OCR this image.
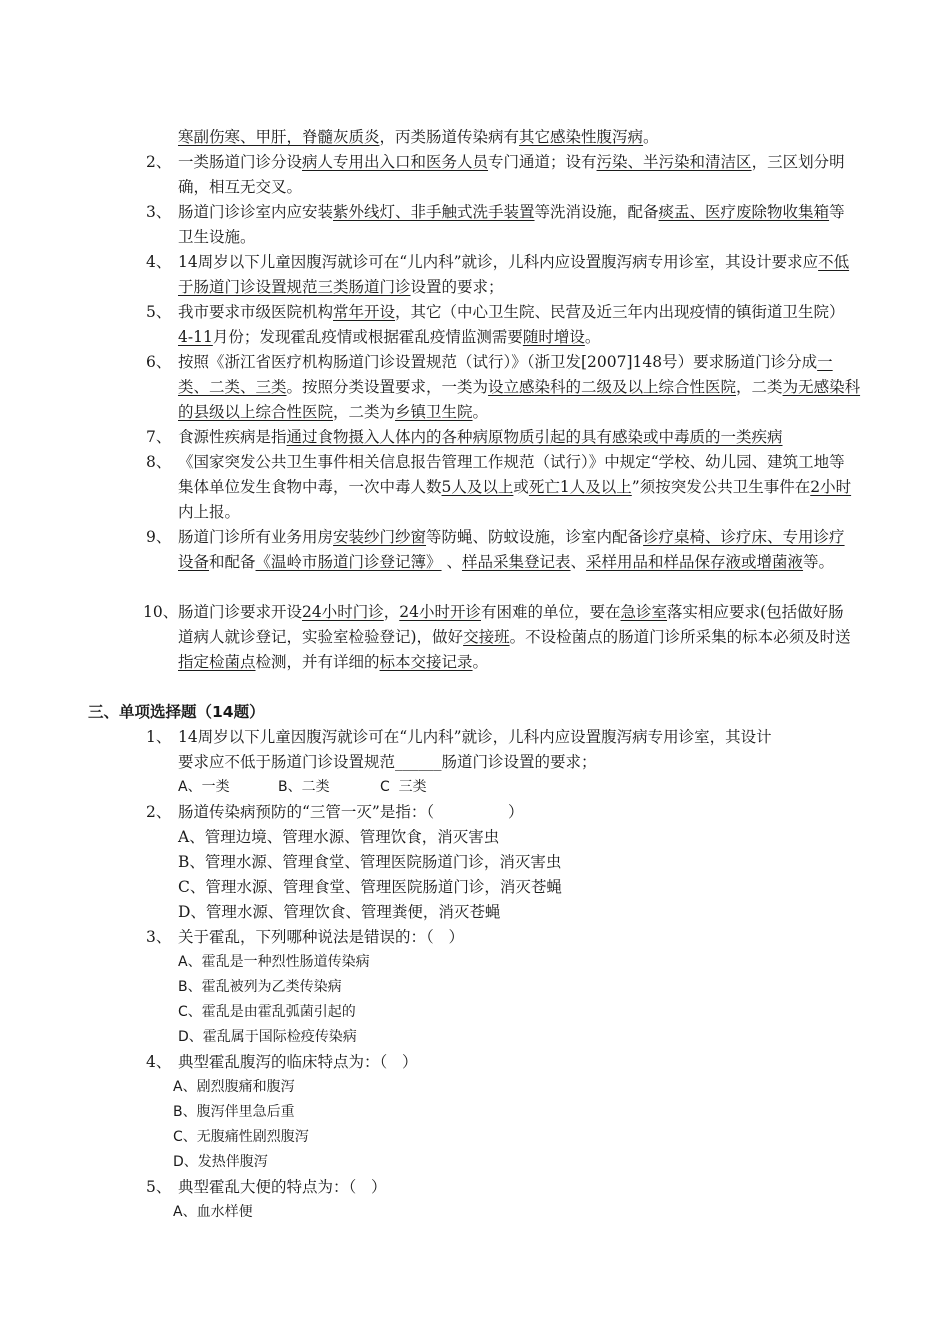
寒副伤寒、甲肝，脊髓灰质炎，丙类肠道传染病有其它感染性腹泻病。
2、 一类肠道门诊分设病人专用出入口和医务人员专门通道；设有污染、半污染和清洁区，三区划分明确，相互无交叉。
3、 肠道门诊诊室内应安装紫外线灯、非手触式洗手装置等洗消设施，配备痰盂、医疗废除物收集箱等卫生设施。
4、 14周岁以下儿童因腹泻就诊可在“儿内科”就诊，儿科内应设置腹泻病专用诊室，其设计要求应不低于肠道门诊设置规范三类肠道门诊设置的要求；
5、 我市要求市级医院机构常年开设，其它（中心卫生院、民营及近三年内出现疫情的镇街道卫生院）4-11月份；发现霍乱疫情或根据霍乱疫情监测需要随时增设。
6、 按照《浙江省医疗机构肠道门诊设置规范（试行）》（浙卫发[2007]148号）要求肠道门诊分成一类、二类、三类。按照分类设置要求，一类为设立感染科的二级及以上综合性医院，二类为无感染科的县级以上综合性医院，二类为乡镇卫生院。
7、 食源性疾病是指通过食物摄入人体内的各种病原物质引起的具有感染或中毒质的一类疾病
8、 《国家突发公共卫生事件相关信息报告管理工作规范（试行）》中规定“学校、幼儿园、建筑工地等集体单位发生食物中毒，一次中毒人数5人及以上或死亡1人及以上”须按突发公共卫生事件在2小时内上报。
9、 肠道门诊所有业务用房安装纱门纱窗等防蝇、防蚊设施，诊室内配备诊疗桌椅、诊疗床、专用诊疗设备和配备《温岭市肠道门诊登记簿》 、样品采集登记表、采样用品和样品保存液或增菌液等。
10、 肠道门诊要求开设24小时门诊，24小时开诊有困难的单位，要在急诊室落实相应要求(包括做好肠道病人就诊登记，实验室检验登记)，做好交接班。不设检菌点的肠道门诊所采集的标本必须及时送指定检菌点检测，并有详细的标本交接记录。
三、单项选择题（14题）
1、 14周岁以下儿童因腹泻就诊可在“儿内科”就诊，儿科内应设置腹泻病专用诊室，其设计
要求应不低于肠道门诊设置规范______肠道门诊设置的要求；
A、一类	B、二类	C  三类
2、 肠道传染病预防的“三管一灭”是指：（               ）
A、管理边境、管理水源、管理饮食，消灭害虫
B、管理水源、管理食堂、管理医院肠道门诊，消灭害虫
C、管理水源、管理食堂、管理医院肠道门诊，消灭苍蝇
D、管理水源、管理饮食、管理粪便，消灭苍蝇
3、 关于霍乱，下列哪种说法是错误的：（   ）
A、霍乱是一种烈性肠道传染病
B、霍乱被列为乙类传染病
C、霍乱是由霍乱弧菌引起的
D、霍乱属于国际检疫传染病
4、 典型霍乱腹泻的临床特点为：（   ）
A、剧烈腹痛和腹泻
B、腹泻伴里急后重
C、无腹痛性剧烈腹泻
D、发热伴腹泻
5、 典型霍乱大便的特点为：（   ）
A、血水样便
